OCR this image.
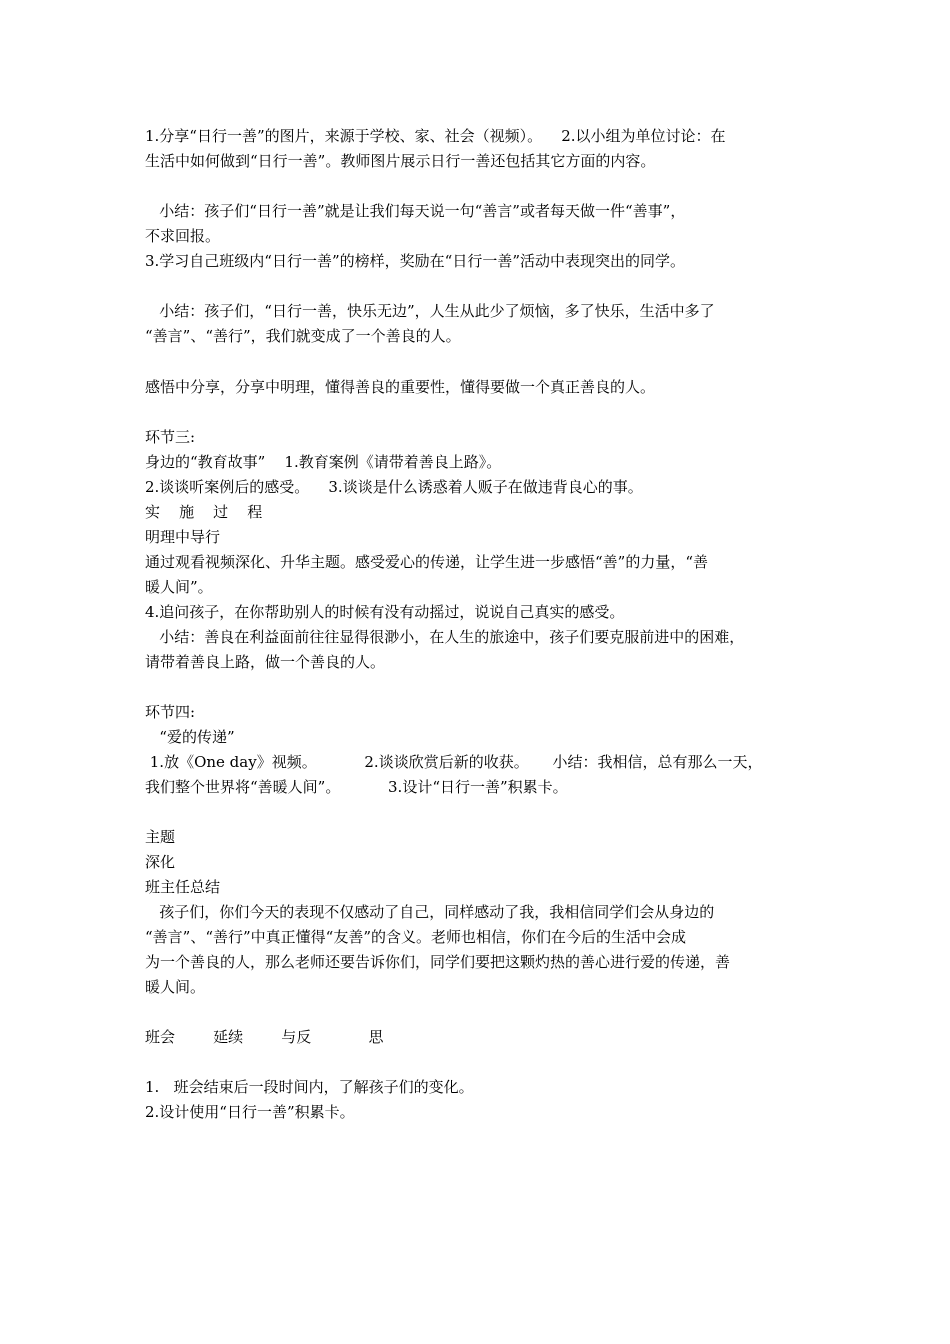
1.分享“日行一善”的图片，来源于学校、家、社会（视频）。    2.以小组为单位讨论：在
生活中如何做到“日行一善”。教师图片展示日行一善还包括其它方面的内容。
小结：孩子们“日行一善”就是让我们每天说一句“善言”或者每天做一件“善事”，
不求回报。
3.学习自己班级内“日行一善”的榜样，奖励在“日行一善”活动中表现突出的同学。
小结：孩子们，“日行一善，快乐无边”，人生从此少了烦恼，多了快乐，生活中多了
“善言”、“善行”，我们就变成了一个善良的人。
感悟中分享，分享中明理，懂得善良的重要性，懂得要做一个真正善良的人。
环节三:
身边的“教育故事”    1.教育案例《请带着善良上路》。
2.谈谈听案例后的感受。    3.谈谈是什么诱惑着人贩子在做违背良心的事。
实    施    过    程
明理中导行
通过观看视频深化、升华主题。感受爱心的传递，让学生进一步感悟“善”的力量，“善
暖人间”。
4.追问孩子，在你帮助别人的时候有没有动摇过，说说自己真实的感受。
小结：善良在利益面前往往显得很渺小，在人生的旅途中，孩子们要克服前进中的困难，
请带着善良上路，做一个善良的人。
环节四:
“爱的传递”
1.放《One day》视频。          2.谈谈欣赏后新的收获。     小结：我相信，总有那么一天，
我们整个世界将“善暖人间”。          3.设计“日行一善”积累卡。
主题
深化
班主任总结
孩子们，你们今天的表现不仅感动了自己，同样感动了我，我相信同学们会从身边的
“善言”、“善行”中真正懂得“友善”的含义。老师也相信，你们在今后的生活中会成
为一个善良的人，那么老师还要告诉你们，同学们要把这颗灼热的善心进行爱的传递，善
暖人间。
班会        延续        与反            思
1.   班会结束后一段时间内，了解孩子们的变化。
2.设计使用“日行一善”积累卡。
